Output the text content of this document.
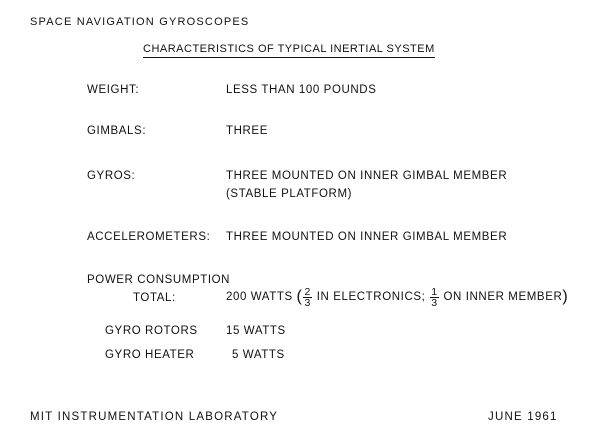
SPACE NAVIGATION GYROSCOPES
CHARACTERISTICS OF TYPICAL INERTIAL SYSTEM
WEIGHT:	LESS THAN 100 POUNDS
GIMBALS:	THREE
GYROS:	THREE MOUNTED ON INNER GIMBAL MEMBER
(STABLE PLATFORM)
ACCELEROMETERS: THREE MOUNTED ON INNER GIMBAL MEMBER
POWER CONSUMPTION
TOTAL:	200 WATTS ( $\frac{2}{3}$ IN ELECTRONICS; $\frac{1}{3}$ ON INNER MEMBER)
GYRO ROTORS 15 WATTS
GYRO HEATER	5 WATTS
MIT INSTRUMENTATION LABORATORY	JUNE 1961
